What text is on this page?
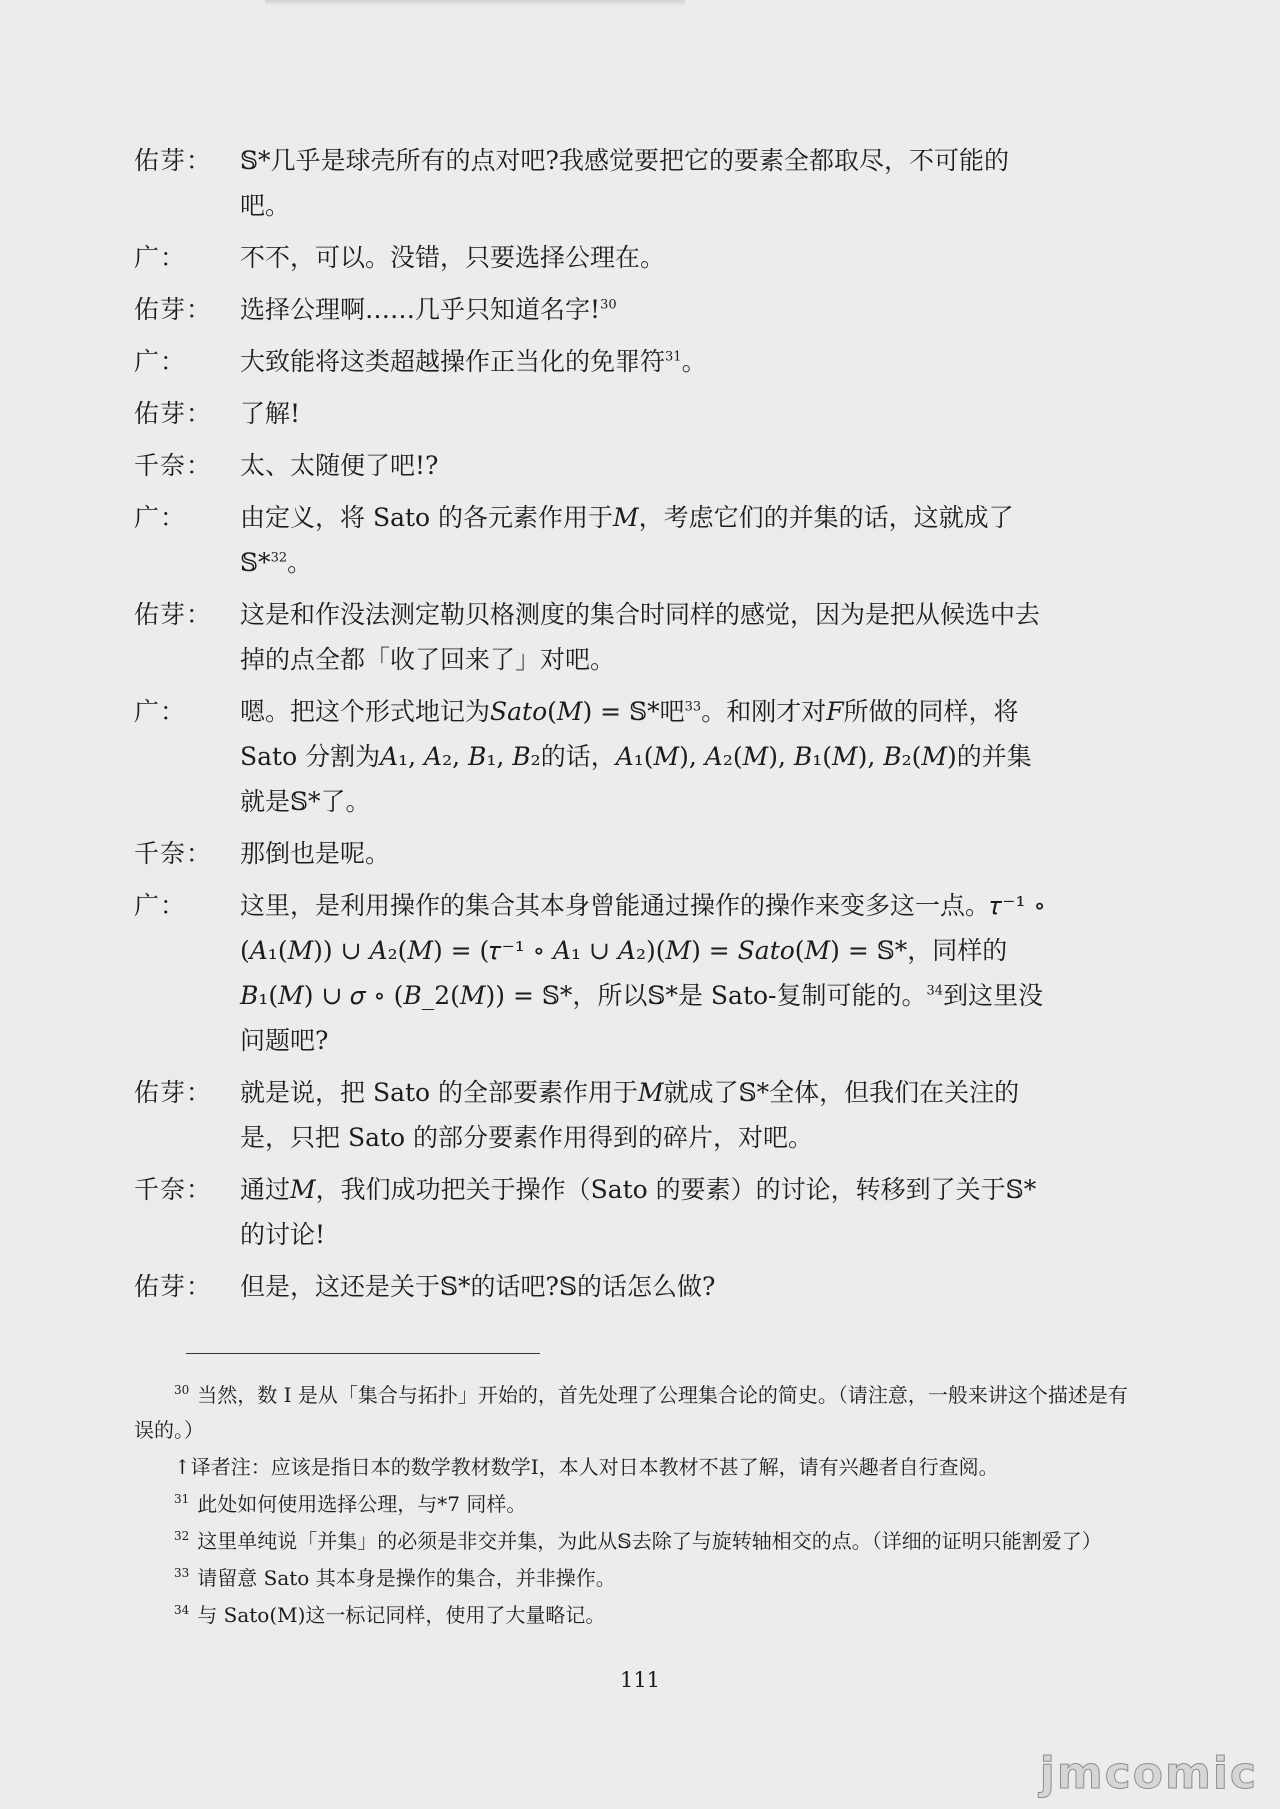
佑芽：	𝕊*几乎是球壳所有的点对吧?我感觉要把它的要素全都取尽，不可能的吧。
广：	不不，可以。没错，只要选择公理在。
佑芽：	选择公理啊……几乎只知道名字!$^{30}$
广：	大致能将这类超越操作正当化的免罪符$^{31}$。
佑芽：	了解!
千奈：	太、太随便了吧!?
广：	由定义，将 Sato 的各元素作用于𝑀，考虑它们的并集的话，这就成了𝕊*$^{32}$。
佑芽：	这是和作没法测定勒贝格测度的集合时同样的感觉，因为是把从候选中去掉的点全都「收了回来了」对吧。
广：	嗯。把这个形式地记为𝑆𝑎𝑡𝑜(𝑀) = 𝕊*吧$^{33}$。和刚才对𝐹所做的同样，将 Sato 分割为𝐴₁, 𝐴₂, 𝐵₁, 𝐵₂的话，𝐴₁(𝑀), 𝐴₂(𝑀), 𝐵₁(𝑀), 𝐵₂(𝑀)的并集就是𝕊*了。
千奈：	那倒也是呢。
广：	这里，是利用操作的集合其本身曾能通过操作的操作来变多这一点。𝜏⁻¹ ∘ (𝐴₁(𝑀)) ∪ 𝐴₂(𝑀) = (𝜏⁻¹ ∘ 𝐴₁ ∪ 𝐴₂)(𝑀) = 𝑆𝑎𝑡𝑜(𝑀) = 𝕊*，同样的𝐵₁(𝑀) ∪ 𝜎 ∘ (𝐵_2(𝑀)) = 𝕊*，所以𝕊*是 Sato-复制可能的。$^{34}$到这里没问题吧?
佑芽：	就是说，把 Sato 的全部要素作用于𝑀就成了𝕊*全体，但我们在关注的是，只把 Sato 的部分要素作用得到的碎片，对吧。
千奈：	通过𝑀，我们成功把关于操作（Sato 的要素）的讨论，转移到了关于𝕊*的讨论!
佑芽：	但是，这还是关于𝕊*的话吧?𝕊的话怎么做?
$^{30}$ 当然，数 I 是从「集合与拓扑」开始的，首先处理了公理集合论的简史。（请注意，一般来讲这个描述是有误的。）
↑译者注：应该是指日本的数学教材数学Ⅰ，本人对日本教材不甚了解，请有兴趣者自行查阅。
$^{31}$ 此处如何使用选择公理，与*7 同样。
$^{32}$ 这里单纯说「并集」的必须是非交并集，为此从𝕊去除了与旋转轴相交的点。（详细的证明只能割爱了）
$^{33}$ 请留意 Sato 其本身是操作的集合，并非操作。
$^{34}$ 与 Sato(M)这一标记同样，使用了大量略记。
111
jmcomic
